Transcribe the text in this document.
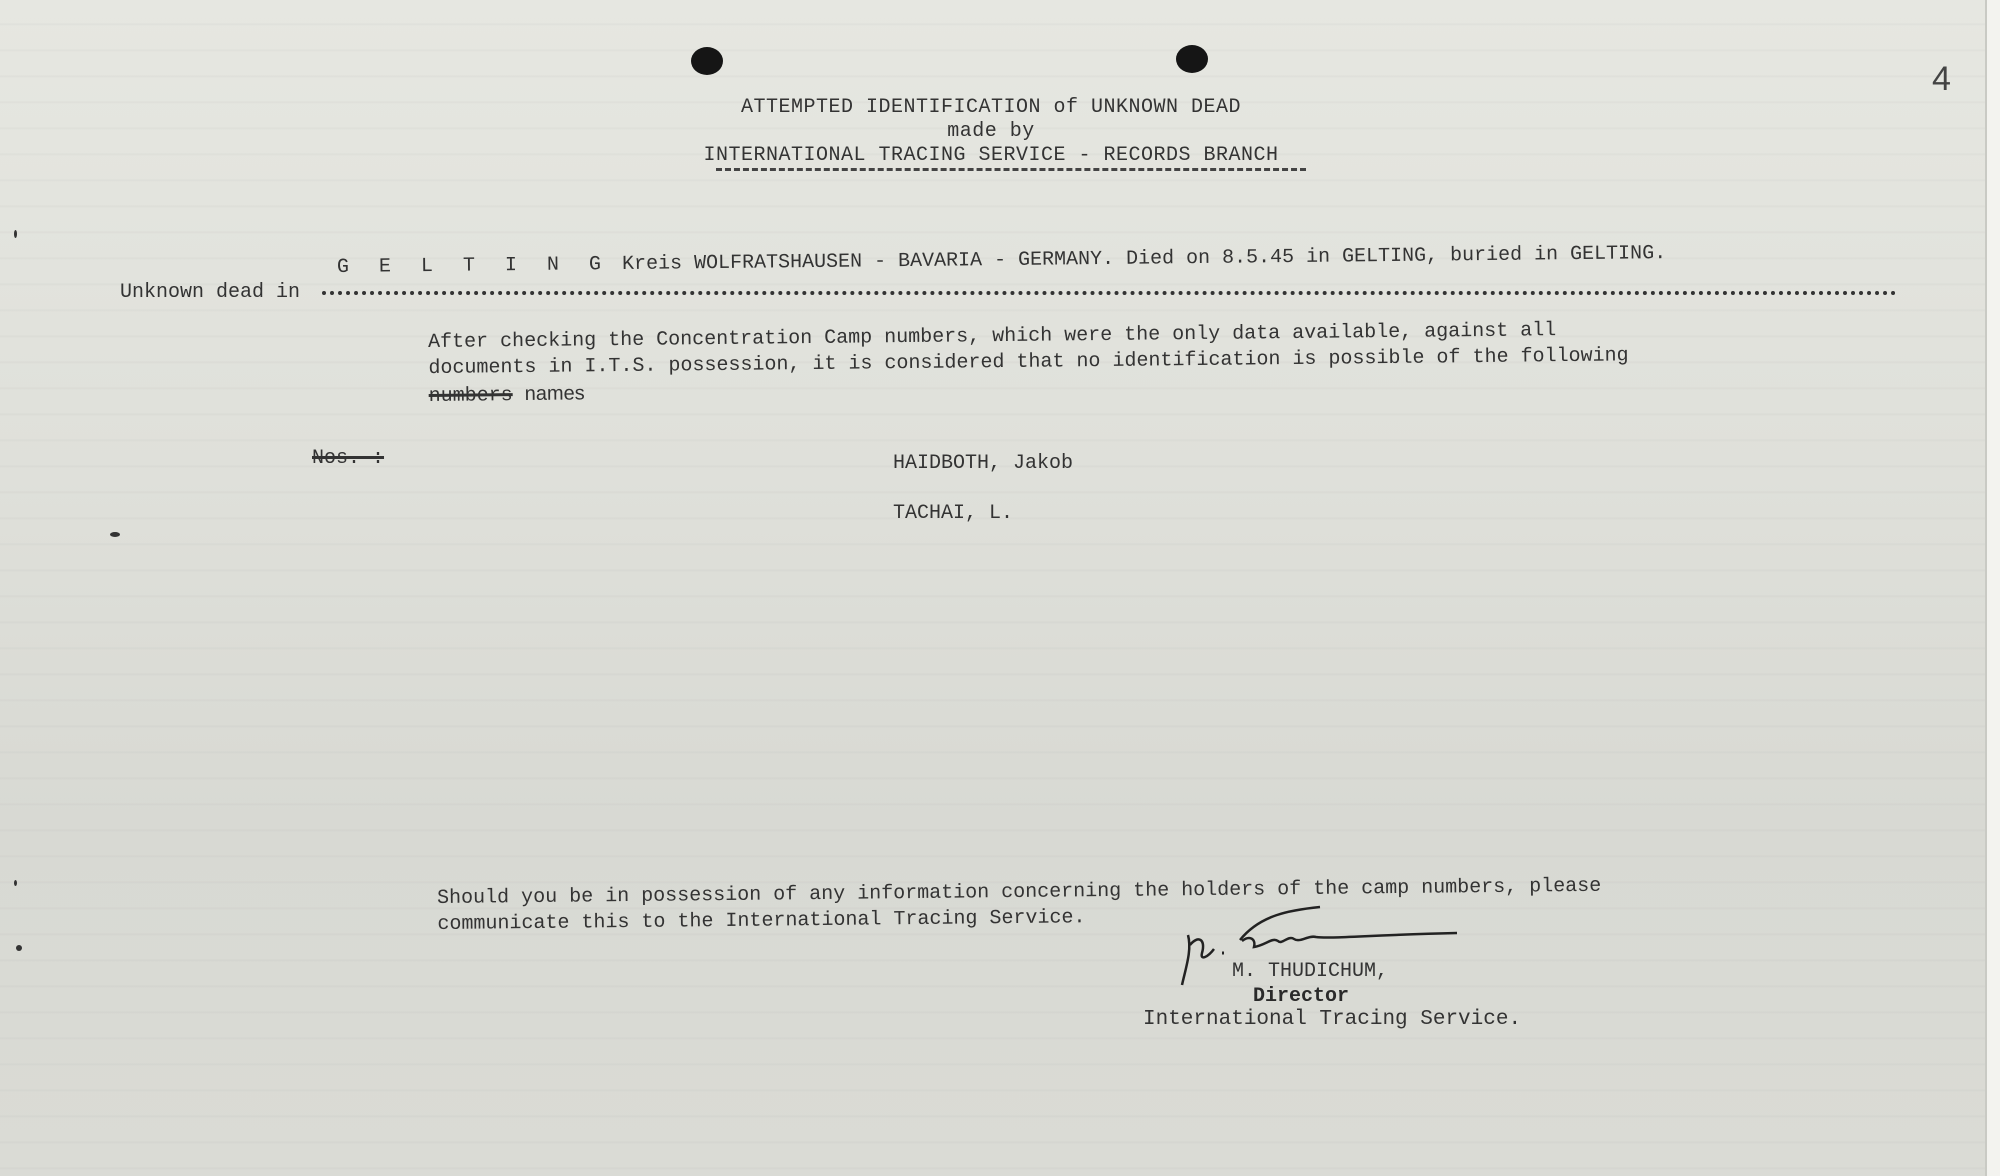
4
ATTEMPTED IDENTIFICATION of UNKNOWN DEAD
made by
INTERNATIONAL TRACING SERVICE - RECORDS BRANCH
Unknown dead in
G E L T I N G Kreis WOLFRATSHAUSEN - BAVARIA - GERMANY. Died on 8.5.45 in GELTING, buried in GELTING.
After checking the Concentration Camp numbers, which were the only data available, against all documents in I.T.S. possession, it is considered that no identification is possible of the following numbers names
Nos. :	HAIDBOTH, Jakob
TACHAI, L.
Should you be in possession of any information concerning the holders of the camp numbers, please communicate this to the International Tracing Service.
M. THUDICHUM,
Director
International Tracing Service.
